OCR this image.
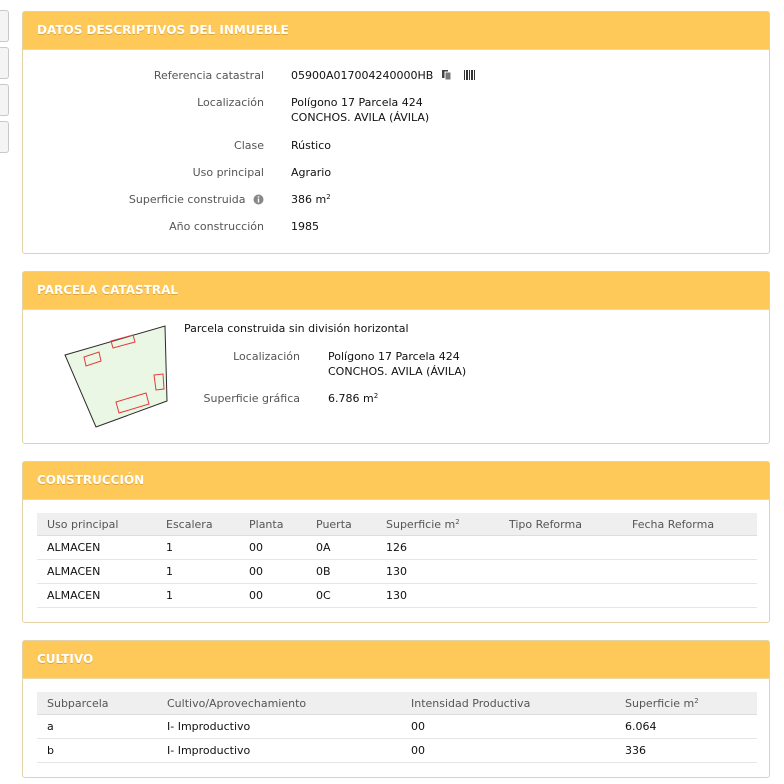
DATOS DESCRIPTIVOS DEL INMUEBLE
Referencia catastral 05900A017004240000HB
Localización Polígono 17 Parcela 424
CONCHOS. AVILA (ÁVILA)
Clase Rústico
Uso principal Agrario
Superficie construida	386 $m^2$
Año construcción 1985
PARCELA CATASTRAL
Parcela construida sin división horizontal
Localización	Polígono 17 Parcela 424
CONCHOS. AVILA (ÁVILA)
Superficie gráfica	6.786 $m^2$
CONSTRUCCIÓN
Uso principal	Escalera	Planta	Puerta	Superficie $m^2$	Tipo Reforma	Fecha Reforma
ALMACEN	1	00	0A	126		
ALMACEN	1	00	0B	130		
ALMACEN	1	00	0C	130		
CULTIVO
Subparcela	Cultivo/Aprovechamiento	Intensidad Productiva	Superficie $m^2$
a	I- Improductivo	00	6.064
b	I- Improductivo	00	336
